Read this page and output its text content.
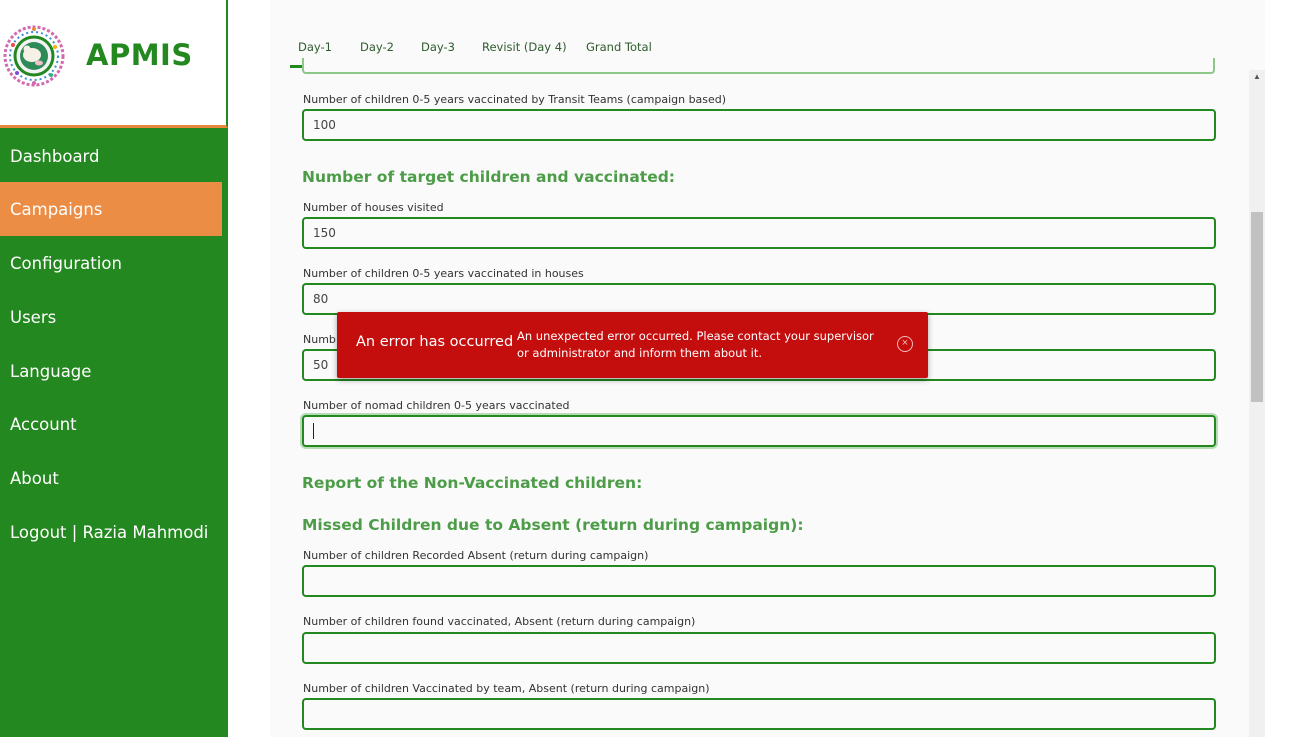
APMIS
Dashboard
Campaigns
Configuration
Users
Language
Account
About
Logout | Razia Mahmodi
Day-1 Day-2 Day-3 Revisit (Day 4) Grand Total
Number of children 0-5 years vaccinated by Transit Teams (campaign based)
100
Number of target children and vaccinated:
Number of houses visited
150
Number of children 0-5 years vaccinated in houses
80
Numb
50
Number of nomad children 0-5 years vaccinated
Report of the Non-Vaccinated children:
Missed Children due to Absent (return during campaign):
Number of children Recorded Absent (return during campaign)
Number of children found vaccinated, Absent (return during campaign)
Number of children Vaccinated by team, Absent (return during campaign)
▲
An error has occurred An unexpected error occurred. Please contact your supervisor or administrator and inform them about it.
×
